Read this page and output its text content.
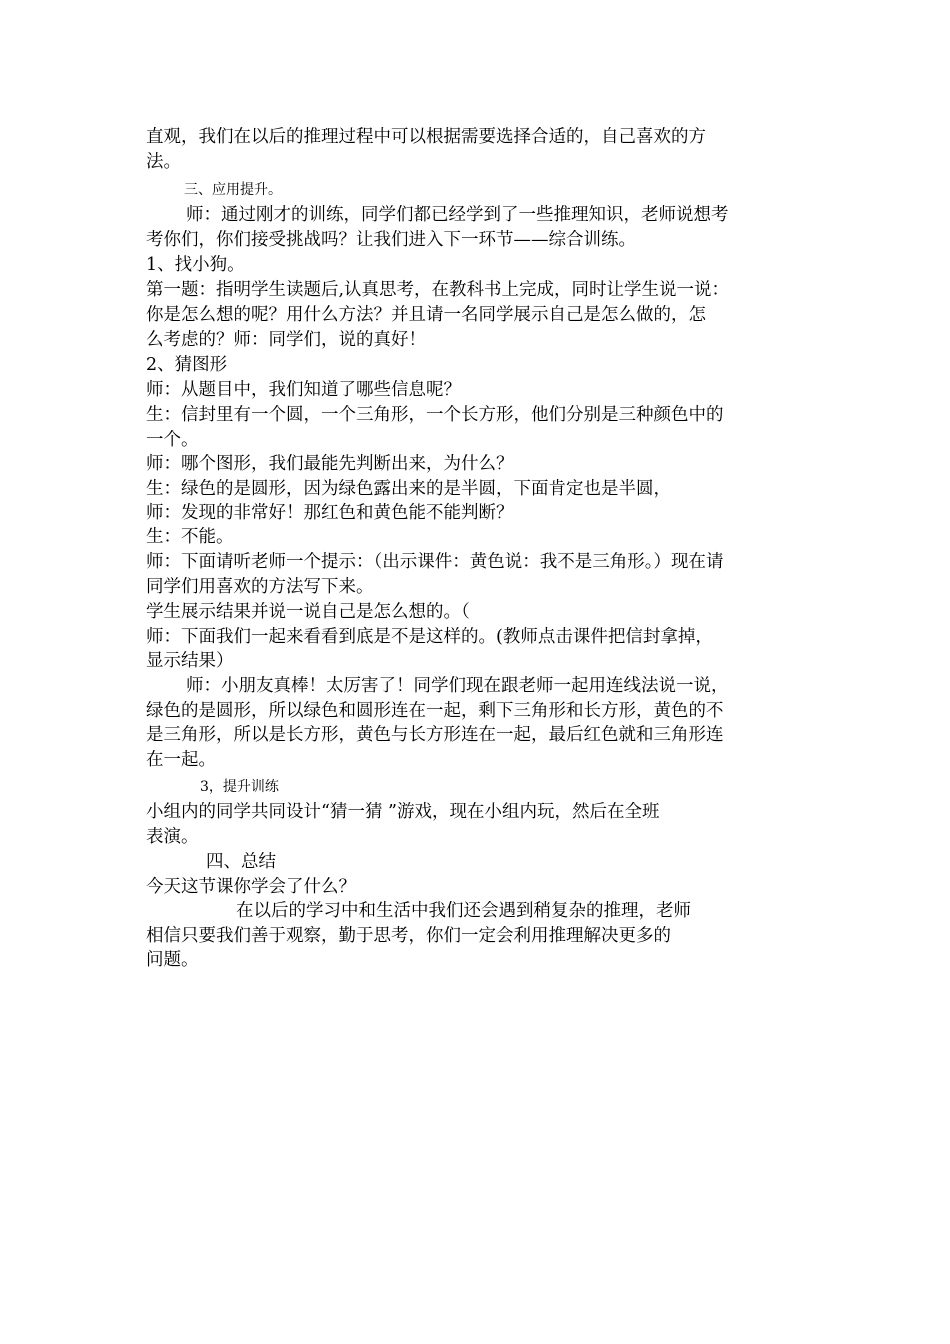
直观，我们在以后的推理过程中可以根据需要选择合适的，自己喜欢的方
法。
三、应用提升。
师：通过刚才的训练，同学们都已经学到了一些推理知识，老师说想考
考你们，你们接受挑战吗？让我们进入下一环节——综合训练。
1、找小狗。
第一题：指明学生读题后,认真思考，在教科书上完成，同时让学生说一说：
你是怎么想的呢？用什么方法？并且请一名同学展示自己是怎么做的，怎
么考虑的？师：同学们，说的真好！
2、猜图形
师：从题目中，我们知道了哪些信息呢？
生：信封里有一个圆，一个三角形，一个长方形，他们分别是三种颜色中的
一个。
师：哪个图形，我们最能先判断出来，为什么？
生：绿色的是圆形，因为绿色露出来的是半圆，下面肯定也是半圆，
师：发现的非常好！那红色和黄色能不能判断？
生：不能。
师：下面请听老师一个提示：（出示课件：黄色说：我不是三角形。）现在请
同学们用喜欢的方法写下来。
学生展示结果并说一说自己是怎么想的。（
师：下面我们一起来看看到底是不是这样的。(教师点击课件把信封拿掉，
显示结果）
师：小朋友真棒！太厉害了！同学们现在跟老师一起用连线法说一说，
绿色的是圆形，所以绿色和圆形连在一起，剩下三角形和长方形，黄色的不
是三角形，所以是长方形，黄色与长方形连在一起，最后红色就和三角形连
在一起。
3，提升训练
小组内的同学共同设计“猜一猜 ”游戏，现在小组内玩，然后在全班
表演。
四、总结
今天这节课你学会了什么？
在以后的学习中和生活中我们还会遇到稍复杂的推理，老师
相信只要我们善于观察，勤于思考，你们一定会利用推理解决更多的
问题。
